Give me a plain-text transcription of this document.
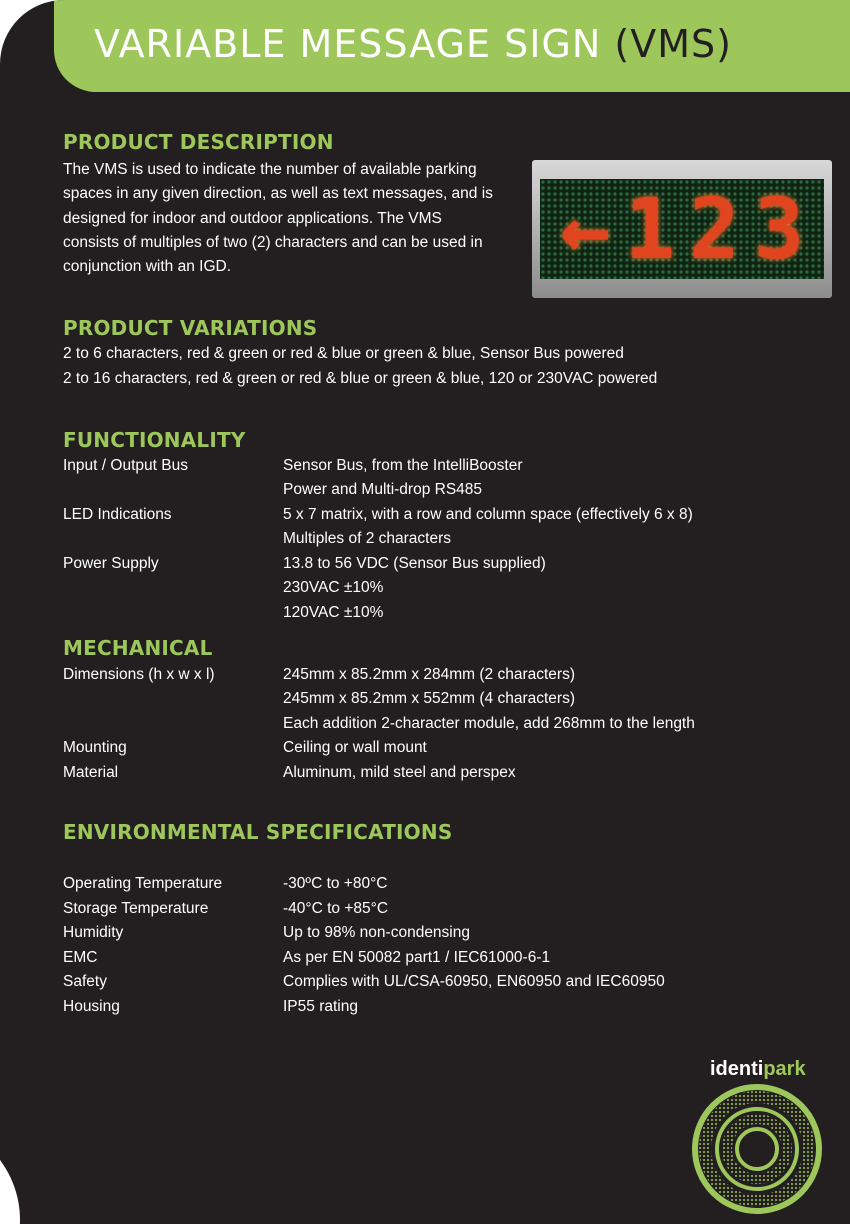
VARIABLE MESSAGE SIGN (VMS)
PRODUCT DESCRIPTION

The VMS is used to indicate the number of available parking spaces in any given direction, as well as text messages, and is designed for indoor and outdoor applications. The VMS consists of multiples of two (2) characters and can be used in conjunction with an IGD.	←123
PRODUCT VARIATIONS
2 to 6 characters, red & green or red & blue or green & blue, Sensor Bus powered
2 to 16 characters, red & green or red & blue or green & blue, 120 or 230VAC powered
FUNCTIONALITY
Input / Output Bus	Sensor Bus, from the IntelliBooster
Power and Multi-drop RS485
LED Indications	5 x 7 matrix, with a row and column space (effectively 6 x 8)
Multiples of 2 characters
Power Supply	13.8 to 56 VDC (Sensor Bus supplied)
230VAC ±10%
120VAC ±10%
MECHANICAL
Dimensions (h x w x l)	245mm x 85.2mm x 284mm (2 characters)
245mm x 85.2mm x 552mm (4 characters)
Each addition 2-character module, add 268mm to the length
Mounting	Ceiling or wall mount
Material	Aluminum, mild steel and perspex
ENVIRONMENTAL SPECIFICATIONS
Operating Temperature	-30ºC to +80°C
Storage Temperature	-40°C to +85°C
Humidity	Up to 98% non-condensing
EMC	As per EN 50082 part1 / IEC61000-6-1
Safety	Complies with UL/CSA-60950, EN60950 and IEC60950
Housing	IP55 rating
identipark
